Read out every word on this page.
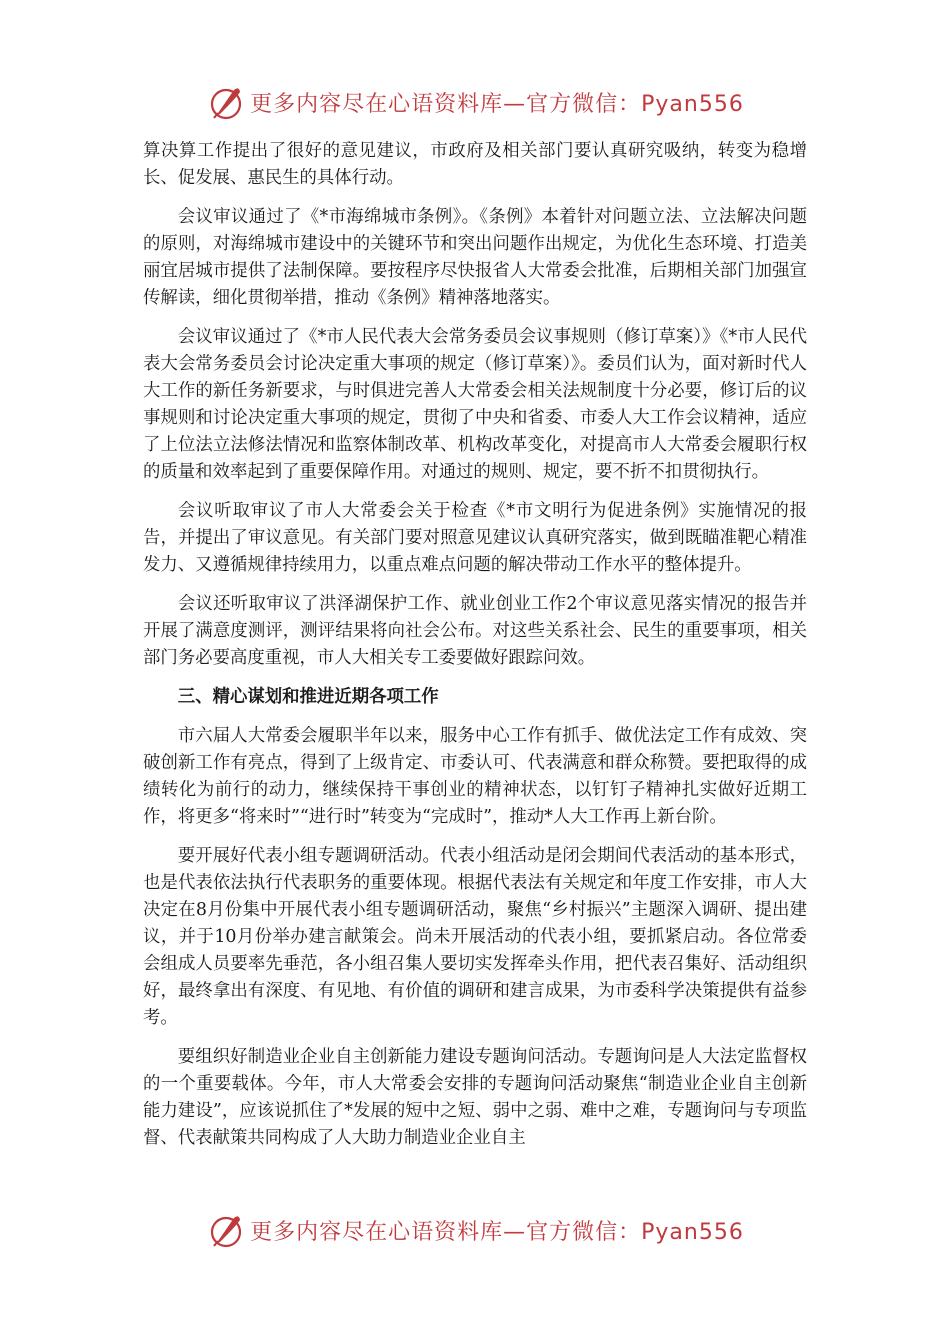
更多内容尽在心语资料库—官方微信：Pyan556

算决算工作提出了很好的意见建议，市政府及相关部门要认真研究吸纳，转变为稳增长、促发展、惠民生的具体行动。

会议审议通过了《*市海绵城市条例》。《条例》本着针对问题立法、立法解决问题的原则，对海绵城市建设中的关键环节和突出问题作出规定，为优化生态环境、打造美丽宜居城市提供了法制保障。要按程序尽快报省人大常委会批准，后期相关部门加强宣传解读，细化贯彻举措，推动《条例》精神落地落实。

会议审议通过了《*市人民代表大会常务委员会议事规则（修订草案）》《*市人民代表大会常务委员会讨论决定重大事项的规定（修订草案）》。委员们认为，面对新时代人大工作的新任务新要求，与时俱进完善人大常委会相关法规制度十分必要，修订后的议事规则和讨论决定重大事项的规定，贯彻了中央和省委、市委人大工作会议精神，适应了上位法立法修法情况和监察体制改革、机构改革变化，对提高市人大常委会履职行权的质量和效率起到了重要保障作用。对通过的规则、规定，要不折不扣贯彻执行。

会议听取审议了市人大常委会关于检查《*市文明行为促进条例》实施情况的报告，并提出了审议意见。有关部门要对照意见建议认真研究落实，做到既瞄准靶心精准发力、又遵循规律持续用力，以重点难点问题的解决带动工作水平的整体提升。

会议还听取审议了洪泽湖保护工作、就业创业工作2个审议意见落实情况的报告并开展了满意度测评，测评结果将向社会公布。对这些关系社会、民生的重要事项，相关部门务必要高度重视，市人大相关专工委要做好跟踪问效。

三、精心谋划和推进近期各项工作

市六届人大常委会履职半年以来，服务中心工作有抓手、做优法定工作有成效、突破创新工作有亮点，得到了上级肯定、市委认可、代表满意和群众称赞。要把取得的成绩转化为前行的动力，继续保持干事创业的精神状态，以钉钉子精神扎实做好近期工作，将更多“将来时”“进行时”转变为“完成时”，推动*人大工作再上新台阶。

要开展好代表小组专题调研活动。代表小组活动是闭会期间代表活动的基本形式，也是代表依法执行代表职务的重要体现。根据代表法有关规定和年度工作安排，市人大决定在8月份集中开展代表小组专题调研活动，聚焦“乡村振兴”主题深入调研、提出建议，并于10月份举办建言献策会。尚未开展活动的代表小组，要抓紧启动。各位常委会组成人员要率先垂范，各小组召集人要切实发挥牵头作用，把代表召集好、活动组织好，最终拿出有深度、有见地、有价值的调研和建言成果，为市委科学决策提供有益参考。

要组织好制造业企业自主创新能力建设专题询问活动。专题询问是人大法定监督权的一个重要载体。今年，市人大常委会安排的专题询问活动聚焦“制造业企业自主创新能力建设”，应该说抓住了*发展的短中之短、弱中之弱、难中之难，专题询问与专项监督、代表献策共同构成了人大助力制造业企业自主

更多内容尽在心语资料库—官方微信：Pyan556
